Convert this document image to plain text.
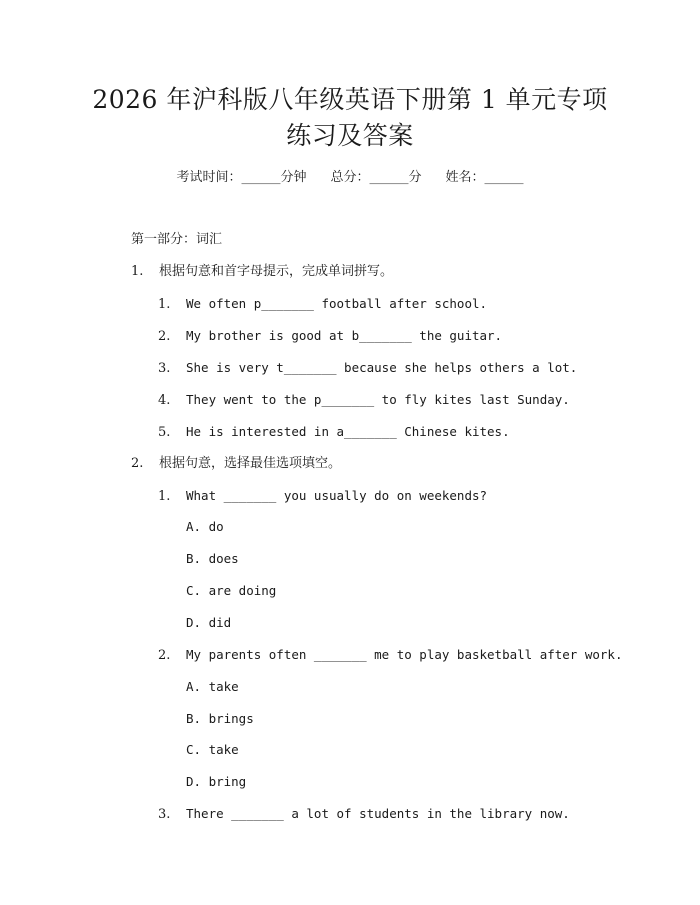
2026 年沪科版八年级英语下册第 1 单元专项
练习及答案
考试时间：______分钟 总分：______分 姓名：______
第一部分：词汇
1. 根据句意和首字母提示，完成单词拼写。
1. We often p_______ football after school.
2. My brother is good at b_______ the guitar.
3. She is very t_______ because she helps others a lot.
4. They went to the p_______ to fly kites last Sunday.
5. He is interested in a_______ Chinese kites.
2. 根据句意，选择最佳选项填空。
1. What _______ you usually do on weekends?
A. do
B. does
C. are doing
D. did
2. My parents often _______ me to play basketball after work.
A. take
B. brings
C. take
D. bring
3. There _______ a lot of students in the library now.
